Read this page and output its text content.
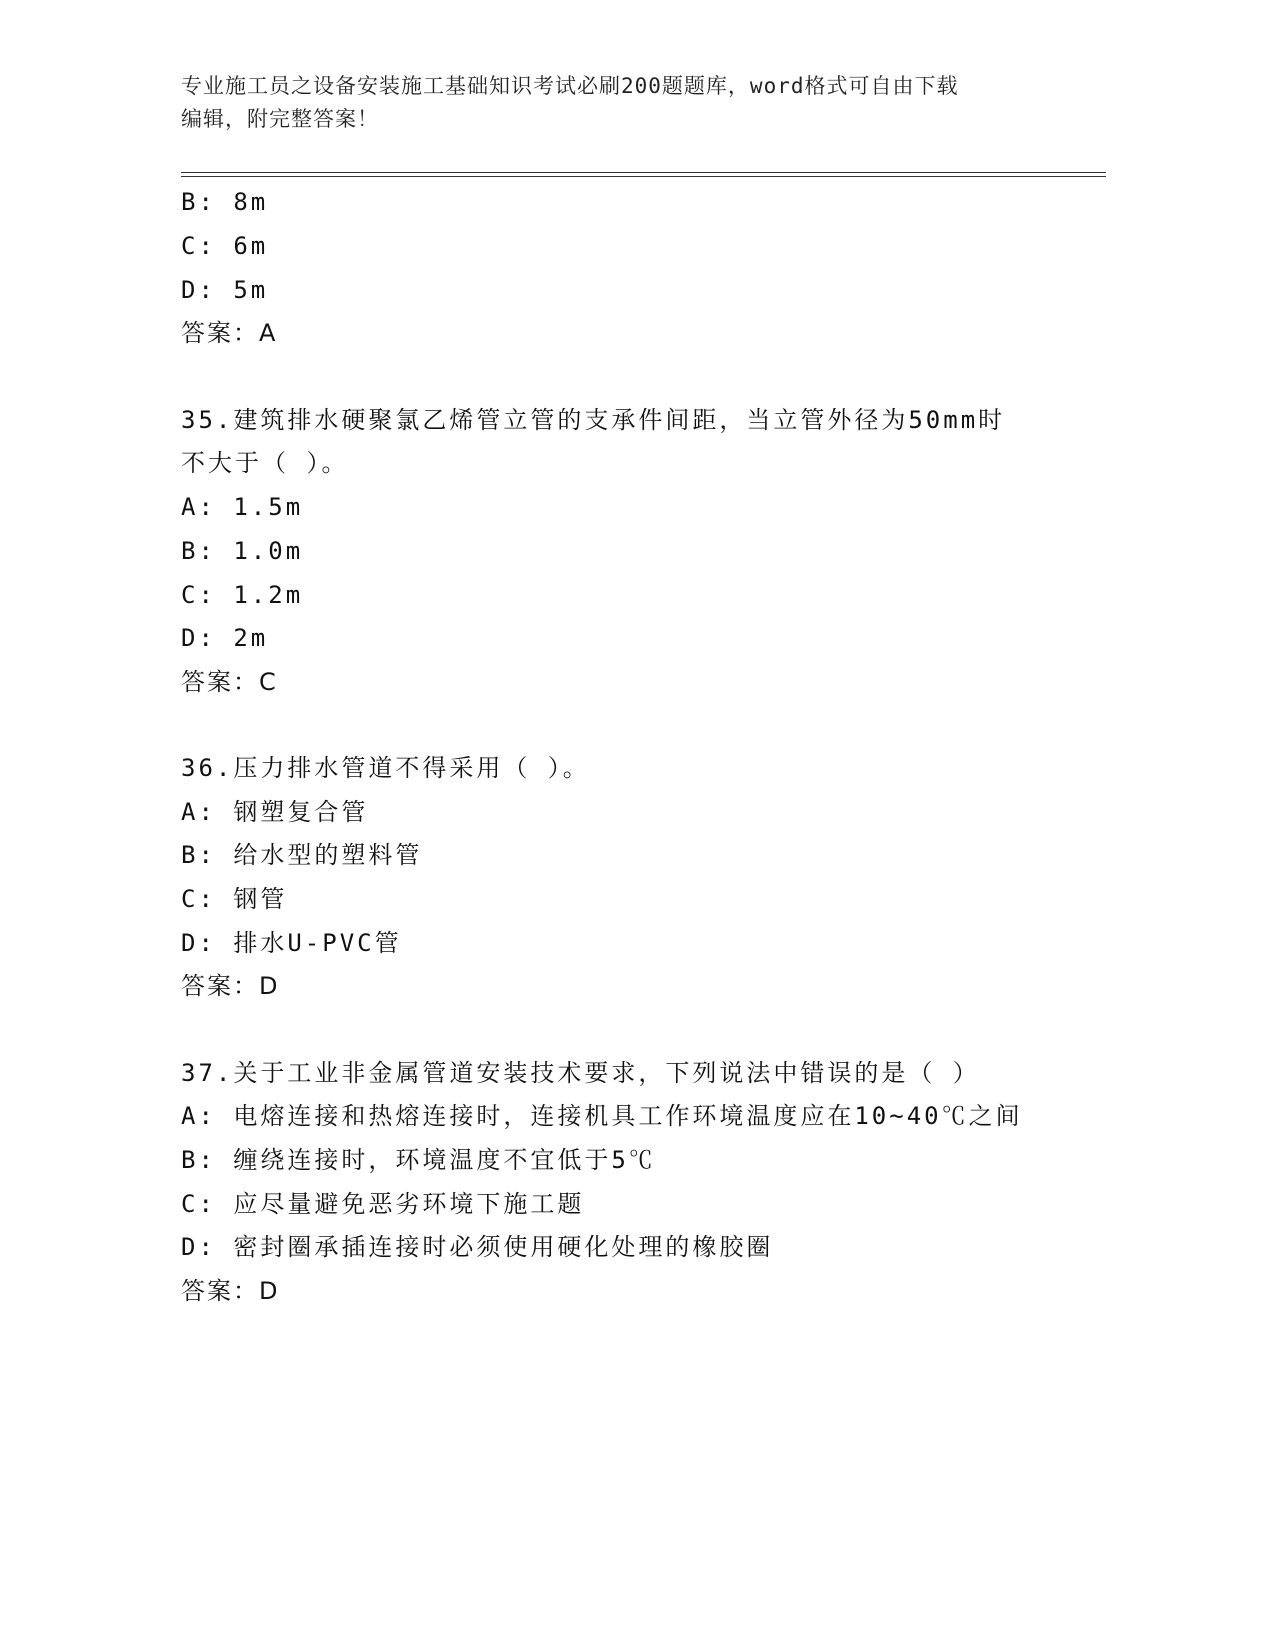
专业施工员之设备安装施工基础知识考试必刷200题题库，word格式可自由下载
编辑，附完整答案！
B: 8m
C: 6m
D: 5m
答案：A
35.建筑排水硬聚氯乙烯管立管的支承件间距，当立管外径为50mm时
不大于（ ）。
A: 1.5m
B: 1.0m
C: 1.2m
D: 2m
答案：C
36.压力排水管道不得采用（ ）。
A: 钢塑复合管
B: 给水型的塑料管
C: 钢管
D: 排水U-PVC管
答案：D
37.关于工业非金属管道安装技术要求，下列说法中错误的是（ ）
A: 电熔连接和热熔连接时，连接机具工作环境温度应在10~40℃之间
B: 缠绕连接时，环境温度不宜低于5℃
C: 应尽量避免恶劣环境下施工题
D: 密封圈承插连接时必须使用硬化处理的橡胶圈
答案：D
